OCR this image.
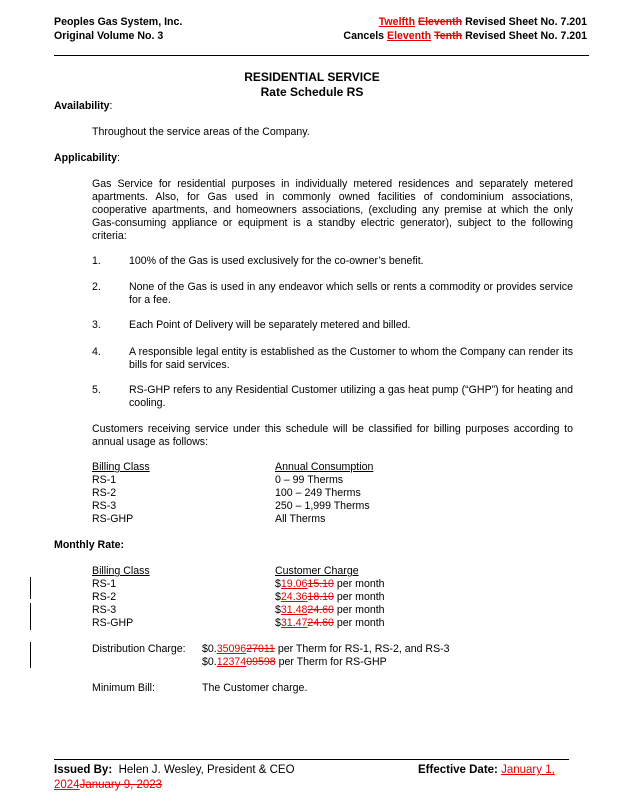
Peoples Gas System, Inc.
Original Volume No. 3
Twelfth Eleventh Revised Sheet No. 7.201
Cancels Eleventh Tenth Revised Sheet No. 7.201
RESIDENTIAL SERVICE
Rate Schedule RS
Availability:
Throughout the service areas of the Company.
Applicability:
Gas Service for residential purposes in individually metered residences and separately metered apartments. Also, for Gas used in commonly owned facilities of condominium associations, cooperative apartments, and homeowners associations, (excluding any premise at which the only Gas-consuming appliance or equipment is a standby electric generator), subject to the following criteria:
1.	100% of the Gas is used exclusively for the co-owner’s benefit.
2.	None of the Gas is used in any endeavor which sells or rents a commodity or provides service for a fee.
3.	Each Point of Delivery will be separately metered and billed.
4.	A responsible legal entity is established as the Customer to whom the Company can render its bills for said services.
5.	RS-GHP refers to any Residential Customer utilizing a gas heat pump (“GHP”) for heating and cooling.
Customers receiving service under this schedule will be classified for billing purposes according to annual usage as follows:
Billing Class	Annual Consumption
RS-1	0 – 99 Therms
RS-2	100 – 249 Therms
RS-3	250 – 1,999 Therms
RS-GHP	All Therms
Monthly Rate:
Billing Class	Customer Charge
RS-1	$19.0615.10 per month
RS-2	$24.3618.10 per month
RS-3	$31.4824.60 per month
RS-GHP	$31.4724.60 per month
Distribution Charge: $0.3509627011 per Therm for RS-1, RS-2, and RS-3
$0.1237409598 per Therm for RS-GHP
Minimum Bill:	The Customer charge.
Issued By: Helen J. Wesley, President & CEO	Effective Date: January 1,
2024January 9, 2023
